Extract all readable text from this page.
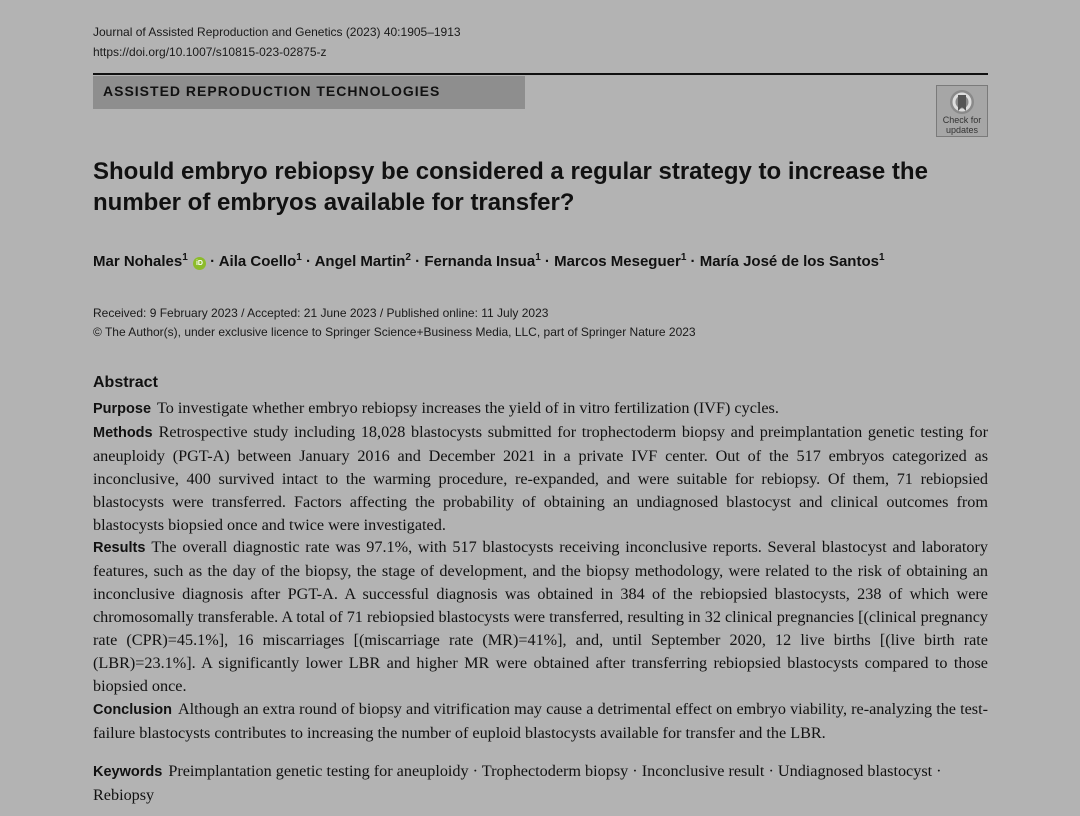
Journal of Assisted Reproduction and Genetics (2023) 40:1905–1913
https://doi.org/10.1007/s10815-023-02875-z
ASSISTED REPRODUCTION TECHNOLOGIES
Check for
updates
Should embryo rebiopsy be considered a regular strategy to increase the number of embryos available for transfer?
Mar Nohales$^1$ iD · Aila Coello$^1$ · Angel Martin$^2$ · Fernanda Insua$^1$ · Marcos Meseguer$^1$ · María José de los Santos$^1$
Received: 9 February 2023 / Accepted: 21 June 2023 / Published online: 11 July 2023
© The Author(s), under exclusive licence to Springer Science+Business Media, LLC, part of Springer Nature 2023
Abstract

Purpose To investigate whether embryo rebiopsy increases the yield of in vitro fertilization (IVF) cycles.

Methods Retrospective study including 18,028 blastocysts submitted for trophectoderm biopsy and preimplantation genetic testing for aneuploidy (PGT-A) between January 2016 and December 2021 in a private IVF center. Out of the 517 embryos categorized as inconclusive, 400 survived intact to the warming procedure, re-expanded, and were suitable for rebiopsy. Of them, 71 rebiopsied blastocysts were transferred. Factors affecting the probability of obtaining an undiagnosed blastocyst and clinical outcomes from blastocysts biopsied once and twice were investigated.

Results The overall diagnostic rate was 97.1%, with 517 blastocysts receiving inconclusive reports. Several blastocyst and laboratory features, such as the day of the biopsy, the stage of development, and the biopsy methodology, were related to the risk of obtaining an inconclusive diagnosis after PGT-A. A successful diagnosis was obtained in 384 of the rebiopsied blastocysts, 238 of which were chromosomally transferable. A total of 71 rebiopsied blastocysts were transferred, resulting in 32 clinical pregnancies [(clinical pregnancy rate (CPR)=45.1%], 16 miscarriages [(miscarriage rate (MR)=41%], and, until September 2020, 12 live births [(live birth rate (LBR)=23.1%]. A significantly lower LBR and higher MR were obtained after transferring rebiopsied blastocysts compared to those biopsied once.

Conclusion Although an extra round of biopsy and vitrification may cause a detrimental effect on embryo viability, re-analyzing the test-failure blastocysts contributes to increasing the number of euploid blastocysts available for transfer and the LBR.

Keywords Preimplantation genetic testing for aneuploidy · Trophectoderm biopsy · Inconclusive result · Undiagnosed blastocyst · Rebiopsy
